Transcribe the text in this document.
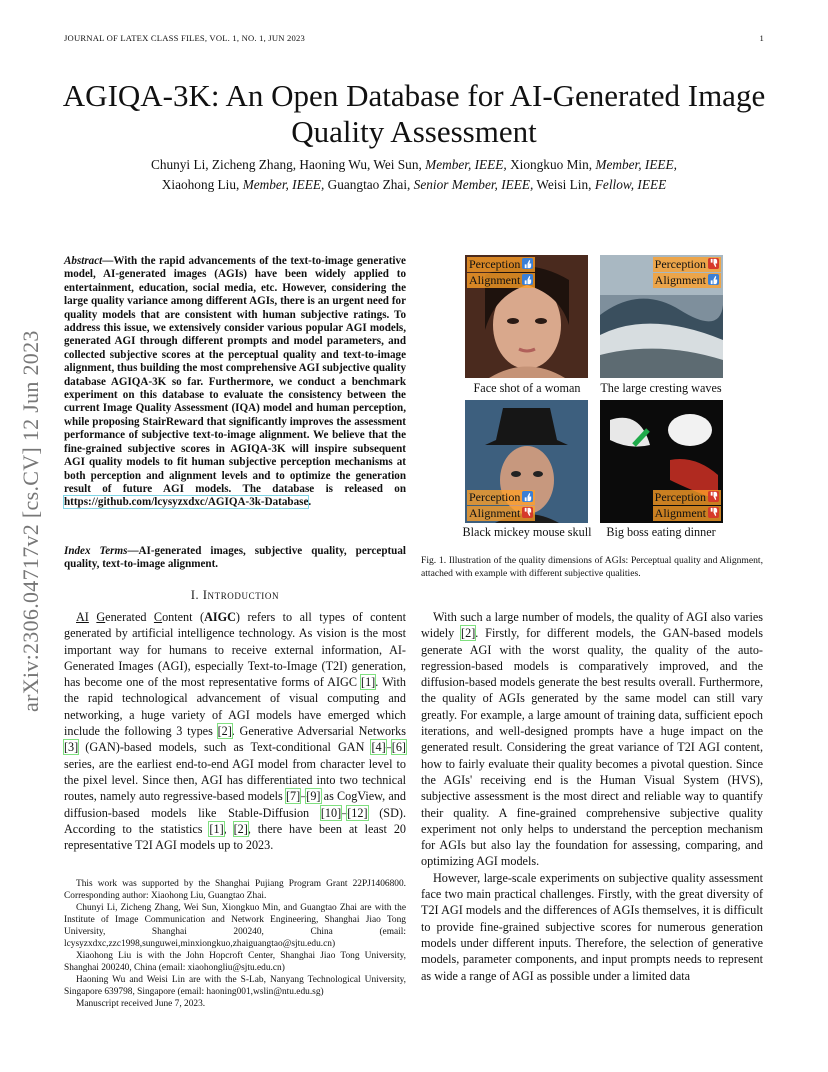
JOURNAL OF LATEX CLASS FILES, VOL. 1, NO. 1, JUN 2023	1
AGIQA-3K: An Open Database for AI-Generated Image Quality Assessment
Chunyi Li, Zicheng Zhang, Haoning Wu, Wei Sun, Member, IEEE, Xiongkuo Min, Member, IEEE,
Xiaohong Liu, Member, IEEE, Guangtao Zhai, Senior Member, IEEE, Weisi Lin, Fellow, IEEE
arXiv:2306.04717v2 [cs.CV] 12 Jun 2023
Abstract—With the rapid advancements of the text-to-image generative model, AI-generated images (AGIs) have been widely applied to entertainment, education, social media, etc. However, considering the large quality variance among different AGIs, there is an urgent need for quality models that are consistent with human subjective ratings. To address this issue, we extensively consider various popular AGI models, generated AGI through different prompts and model parameters, and collected subjective scores at the perceptual quality and text-to-image alignment, thus building the most comprehensive AGI subjective quality database AGIQA-3K so far. Furthermore, we conduct a benchmark experiment on this database to evaluate the consistency between the current Image Quality Assessment (IQA) model and human perception, while proposing StairReward that significantly improves the assessment performance of subjective text-to-image alignment. We believe that the fine-grained subjective scores in AGIQA-3K will inspire subsequent AGI quality models to fit human subjective perception mechanisms at both perception and alignment levels and to optimize the generation result of future AGI models. The database is released on https://github.com/lcysyzxdxc/AGIQA-3k-Database.
Index Terms—AI-generated images, subjective quality, perceptual quality, text-to-image alignment.
Perception
Alignment
Face shot of a woman
Perception
Alignment
The large cresting waves
Perception
Alignment
Black mickey mouse skull
Perception
Alignment
Big boss eating dinner
Fig. 1. Illustration of the quality dimensions of AGIs: Perceptual quality and Alignment, attached with example with different subjective qualities.
I. Introduction

AI Generated Content (AIGC) refers to all types of content generated by artificial intelligence technology. As vision is the most important way for humans to receive external information, AI-Generated Images (AGI), especially Text-to-Image (T2I) generation, has become one of the most representative forms of AIGC [1]. With the rapid technological advancement of visual computing and networking, a huge variety of AGI models have emerged which include the following 3 types [2]. Generative Adversarial Networks [3] (GAN)-based models, such as Text-conditional GAN [4]–[6] series, are the earliest end-to-end AGI model from character level to the pixel level. Since then, AGI has differentiated into two technical routes, namely auto regressive-based models [7]–[9] as CogView, and diffusion-based models like Stable-Diffusion [10]–[12] (SD). According to the statistics [1], [2], there have been at least 20 representative T2I AGI models up to 2023.

This work was supported by the Shanghai Pujiang Program Grant 22PJ1406800. Corresponding author: Xiaohong Liu, Guangtao Zhai.

Chunyi Li, Zicheng Zhang, Wei Sun, Xiongkuo Min, and Guangtao Zhai are with the Institute of Image Communication and Network Engineering, Shanghai Jiao Tong University, Shanghai 200240, China (email: lcysyzxdxc,zzc1998,sunguwei,minxiongkuo,zhaiguangtao@sjtu.edu.cn)

Xiaohong Liu is with the John Hopcroft Center, Shanghai Jiao Tong University, Shanghai 200240, China (email: xiaohongliu@sjtu.edu.cn)

Haoning Wu and Weisi Lin are with the S-Lab, Nanyang Technological University, Singapore 639798, Singapore (email: haoning001,wslin@ntu.edu.sg)

Manuscript received June 7, 2023.

With such a large number of models, the quality of AGI also varies widely [2]. Firstly, for different models, the GAN-based models generate AGI with the worst quality, the quality of the auto-regression-based models is comparatively improved, and the diffusion-based models generate the best results overall. Furthermore, the quality of AGIs generated by the same model can still vary greatly. For example, a large amount of training data, sufficient epoch iterations, and well-designed prompts have a huge impact on the generated result. Considering the great variance of T2I AGI content, how to fairly evaluate their quality becomes a pivotal question. Since the AGIs' receiving end is the Human Visual System (HVS), subjective assessment is the most direct and reliable way to quantify their quality. A fine-grained comprehensive subjective quality experiment not only helps to understand the perception mechanism for AGIs but also lay the foundation for assessing, comparing, and optimizing AGI models.

However, large-scale experiments on subjective quality assessment face two main practical challenges. Firstly, with the great diversity of T2I AGI models and the differences of AGIs themselves, it is difficult to provide fine-grained subjective scores for numerous generation models under different inputs. Therefore, the selection of generative models, parameter components, and input prompts needs to represent as wide a range of AGI as possible under a limited data
